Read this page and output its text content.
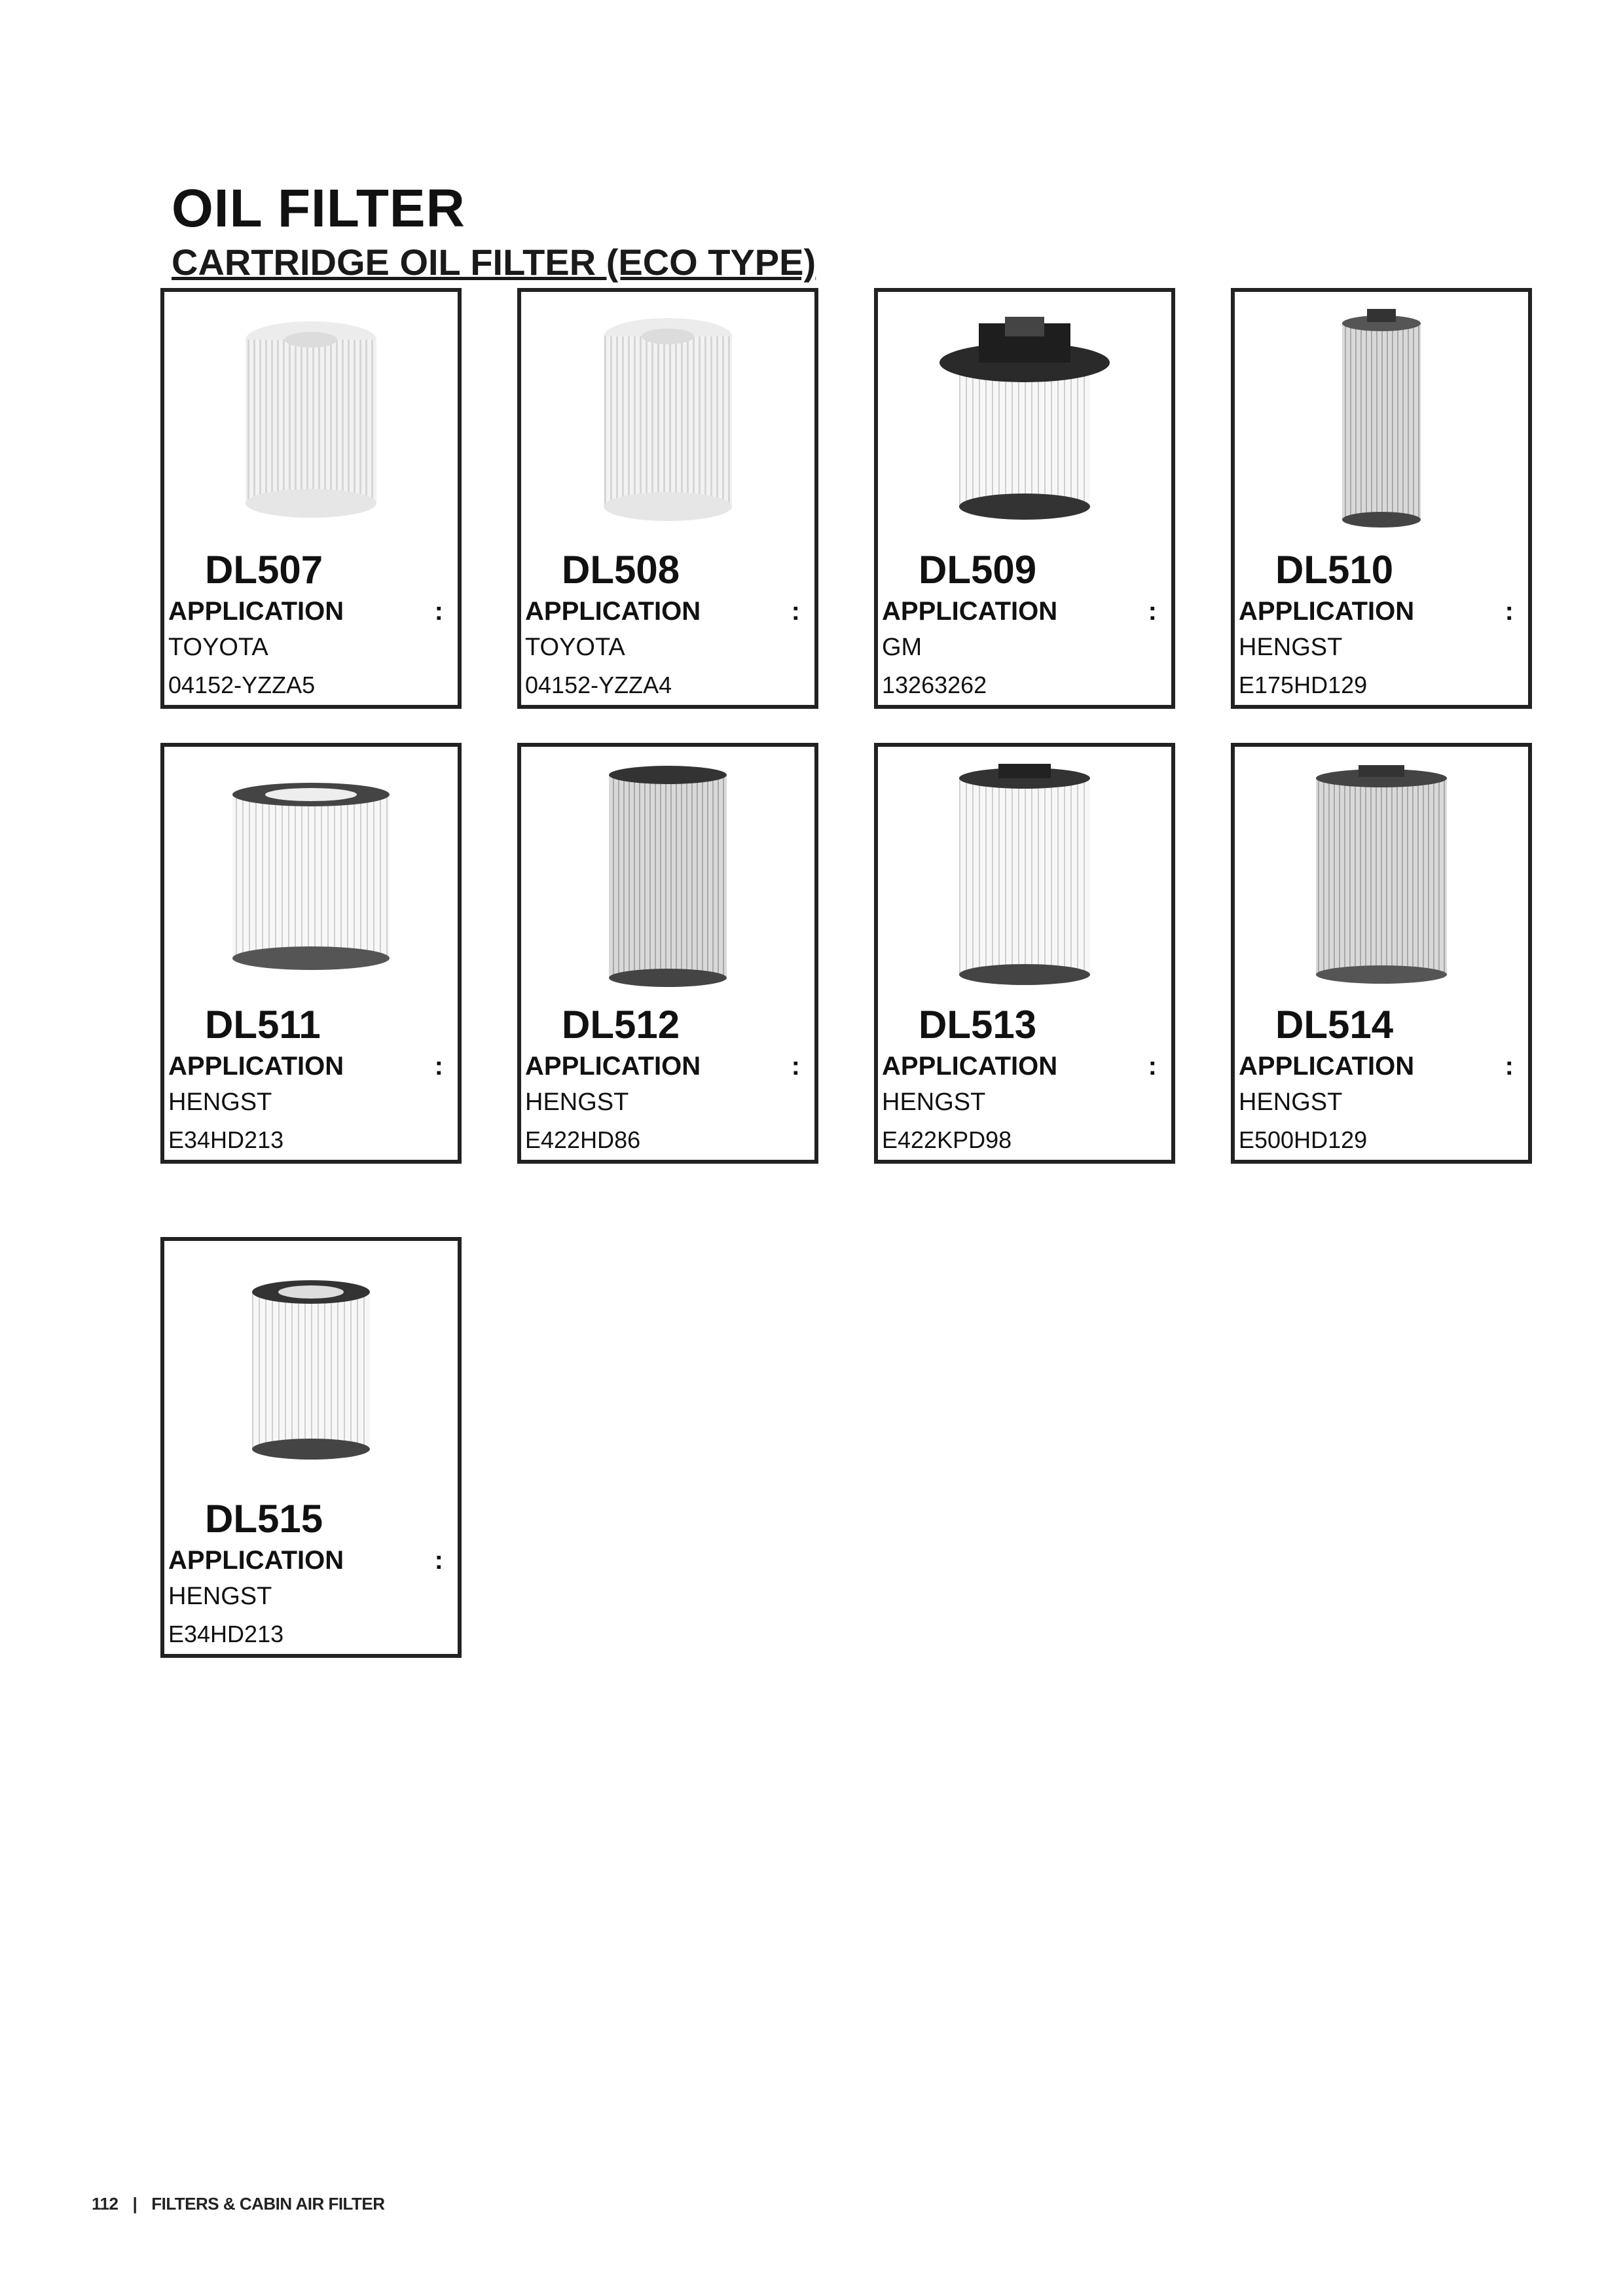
OIL FILTER
CARTRIDGE OIL FILTER (ECO TYPE)
DL507
APPLICATION	:
TOYOTA
04152-YZZA5
DL508
APPLICATION	:
TOYOTA
04152-YZZA4
DL509
APPLICATION	:
GM
13263262
DL510
APPLICATION	:
HENGST
E175HD129
DL511
APPLICATION	:
HENGST
E34HD213
DL512
APPLICATION	:
HENGST
E422HD86
DL513
APPLICATION	:
HENGST
E422KPD98
DL514
APPLICATION	:
HENGST
E500HD129
DL515
APPLICATION	:
HENGST
E34HD213
112 | FILTERS & CABIN AIR FILTER
